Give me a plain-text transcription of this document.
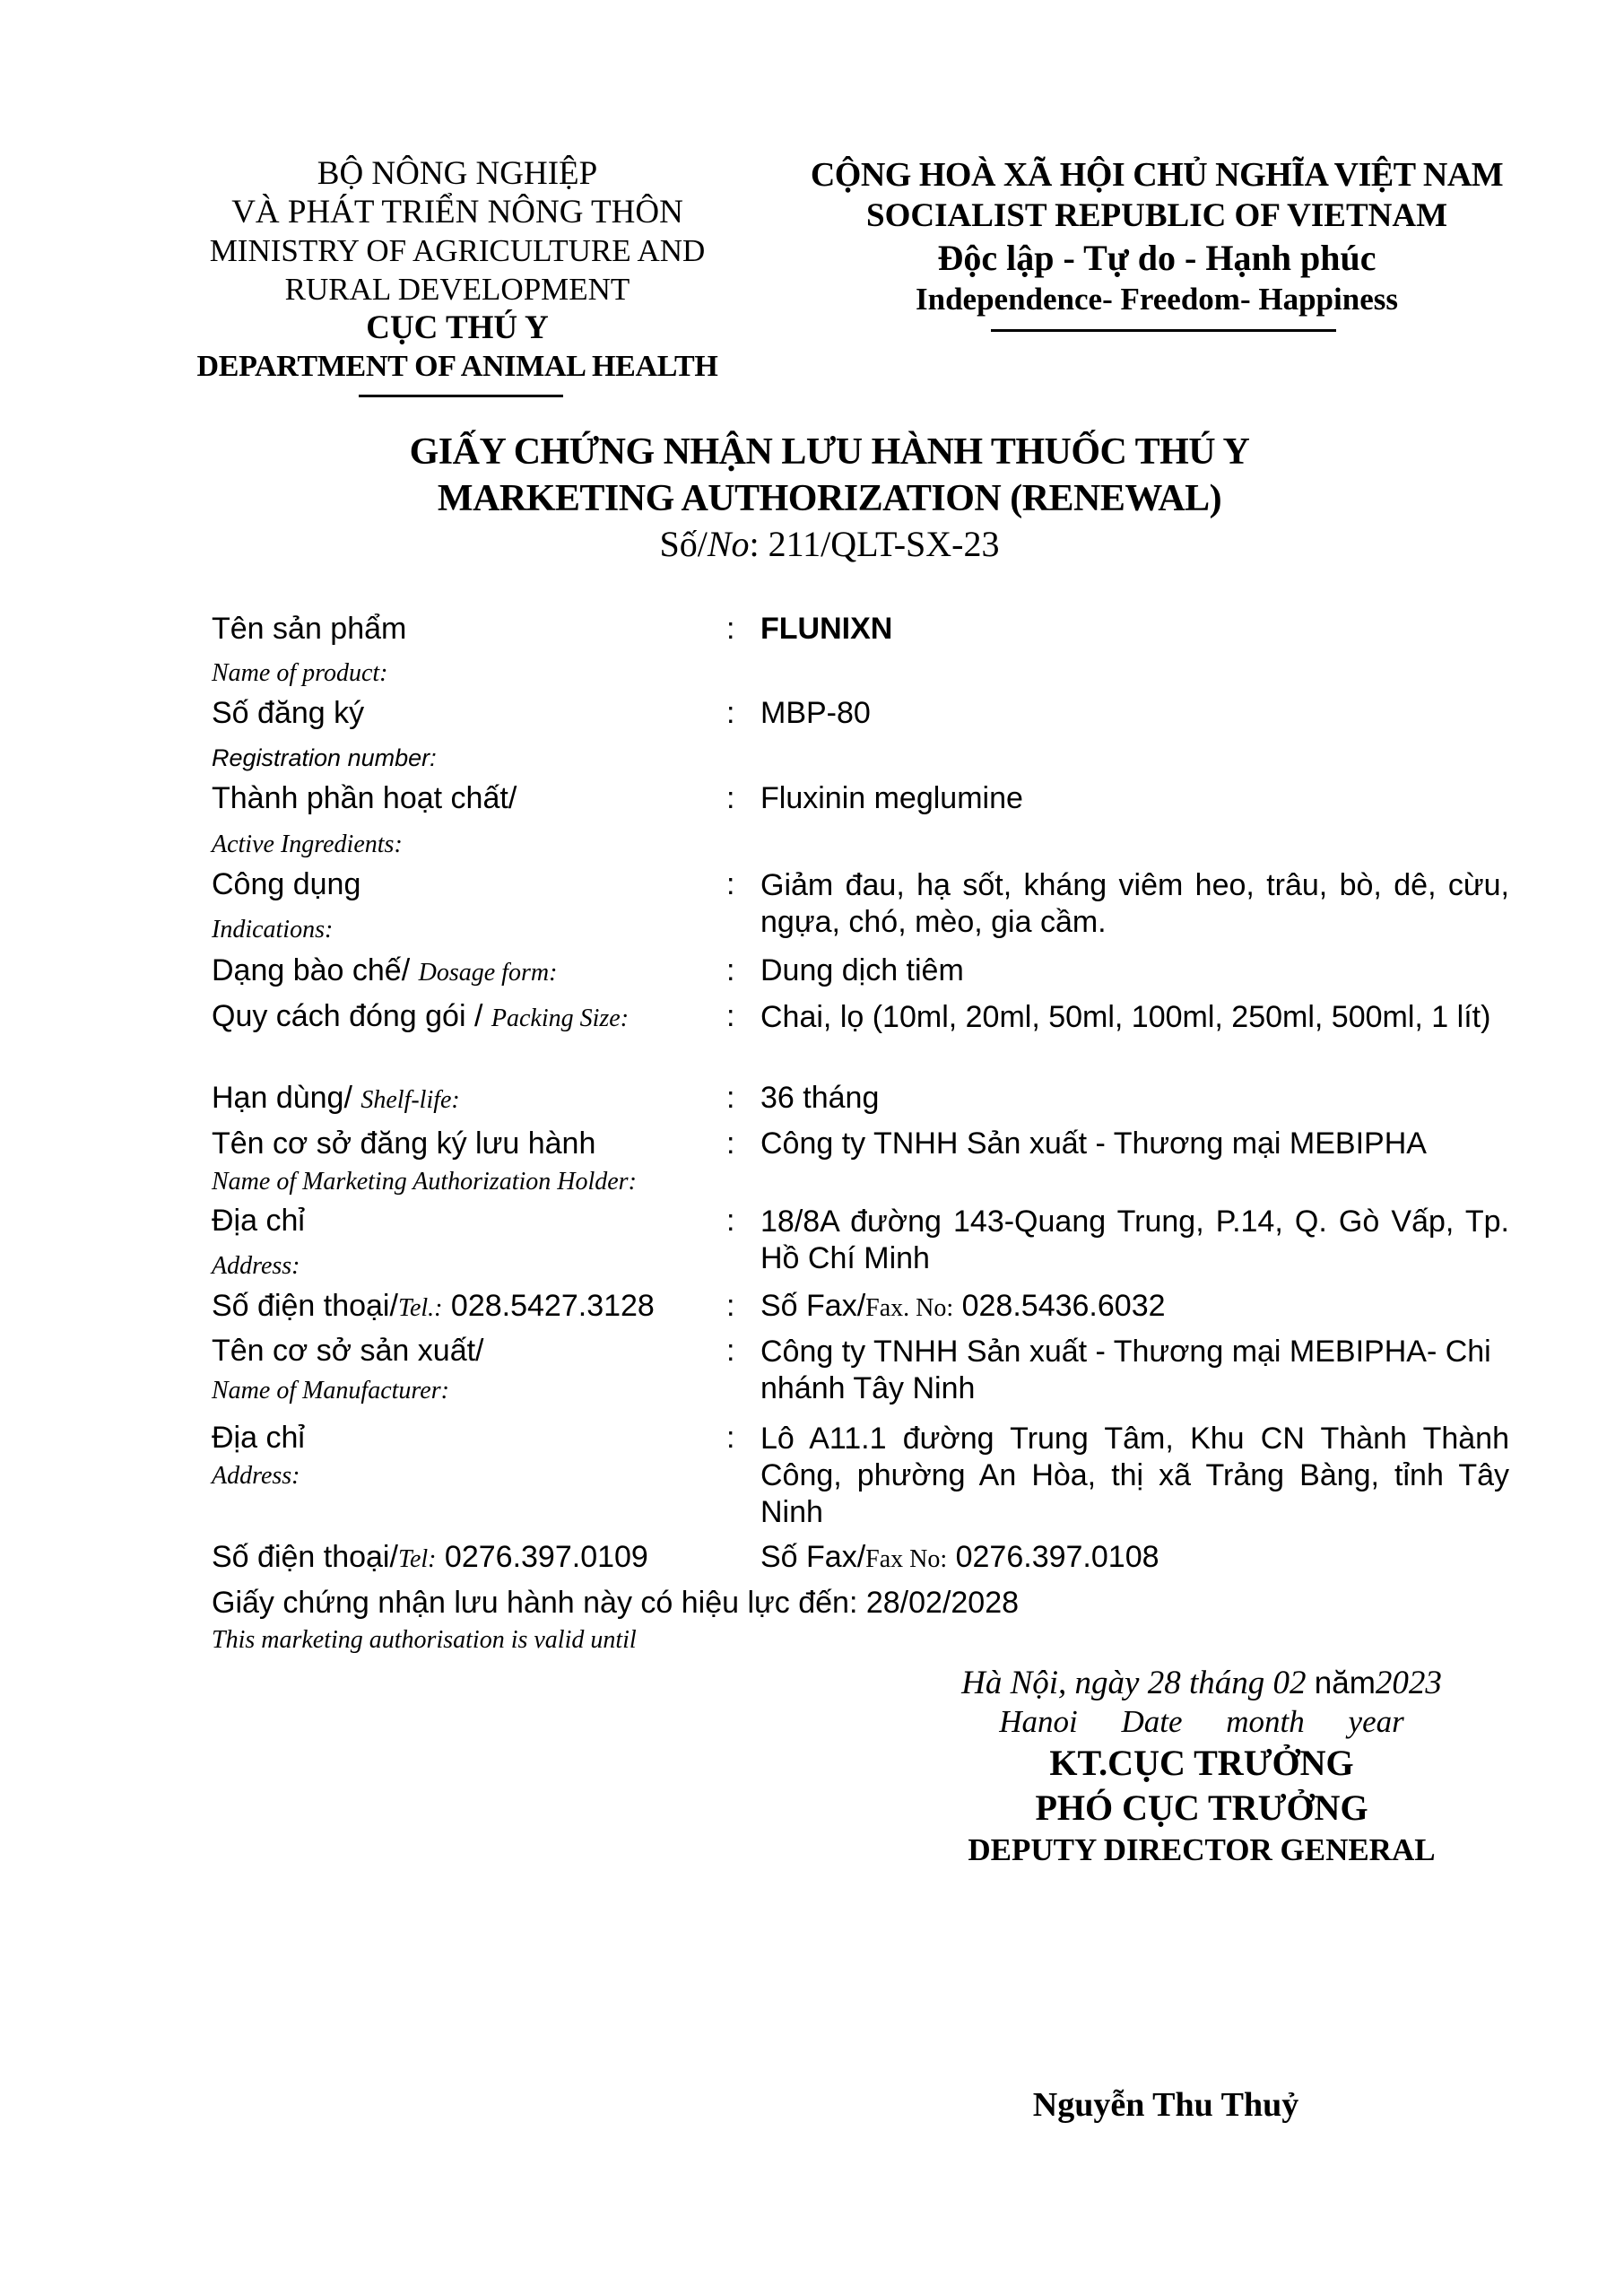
BỘ NÔNG NGHIỆP
VÀ PHÁT TRIỂN NÔNG THÔN
MINISTRY OF AGRICULTURE AND
RURAL DEVELOPMENT
CỤC THÚ Y
DEPARTMENT OF ANIMAL HEALTH
CỘNG HOÀ XÃ HỘI CHỦ NGHĨA VIỆT NAM
SOCIALIST REPUBLIC OF VIETNAM
Độc lập - Tự do - Hạnh phúc
Independence- Freedom- Happiness
GIẤY CHỨNG NHẬN LƯU HÀNH THUỐC THÚ Y
MARKETING AUTHORIZATION (RENEWAL)
Số/No: 211/QLT-SX-23
Tên sản phẩm
Name of product:
: FLUNIXN
Số đăng ký
Registration number:
: MBP-80
Thành phần hoạt chất/
Active Ingredients:
: Fluxinin meglumine
Công dụng
Indications:
: Giảm đau, hạ sốt, kháng viêm heo, trâu, bò, dê, cừu, ngựa, chó, mèo, gia cầm.
Dạng bào chế/ Dosage form:	: Dung dịch tiêm
Quy cách đóng gói / Packing Size:	: Chai, lọ (10ml, 20ml, 50ml, 100ml, 250ml, 500ml, 1 lít)
Hạn dùng/ Shelf-life:	: 36 tháng
Tên cơ sở đăng ký lưu hành
Name of Marketing Authorization Holder:
: Công ty TNHH Sản xuất - Thương mại MEBIPHA
Địa chỉ
Address:
: 18/8A đường 143-Quang Trung, P.14, Q. Gò Vấp, Tp. Hồ Chí Minh
Số điện thoại/Tel.: 028.5427.3128 : Số Fax/Fax. No: 028.5436.6032
Tên cơ sở sản xuất/
Name of Manufacturer:
: Công ty TNHH Sản xuất - Thương mại MEBIPHA- Chi nhánh Tây Ninh
Địa chỉ
Address:
: Lô A11.1 đường Trung Tâm, Khu CN Thành Thành Công, phường An Hòa, thị xã Trảng Bàng, tỉnh Tây Ninh
Số điện thoại/Tel: 0276.397.0109	Số Fax/Fax No: 0276.397.0108
Giấy chứng nhận lưu hành này có hiệu lực đến: 28/02/2028
This marketing authorisation is valid until
Hà Nội, ngày 28 tháng 02 năm2023
Hanoi Date month year
KT.CỤC TRƯỞNG
PHÓ CỤC TRƯỞNG
DEPUTY DIRECTOR GENERAL
Nguyễn Thu Thuỷ
